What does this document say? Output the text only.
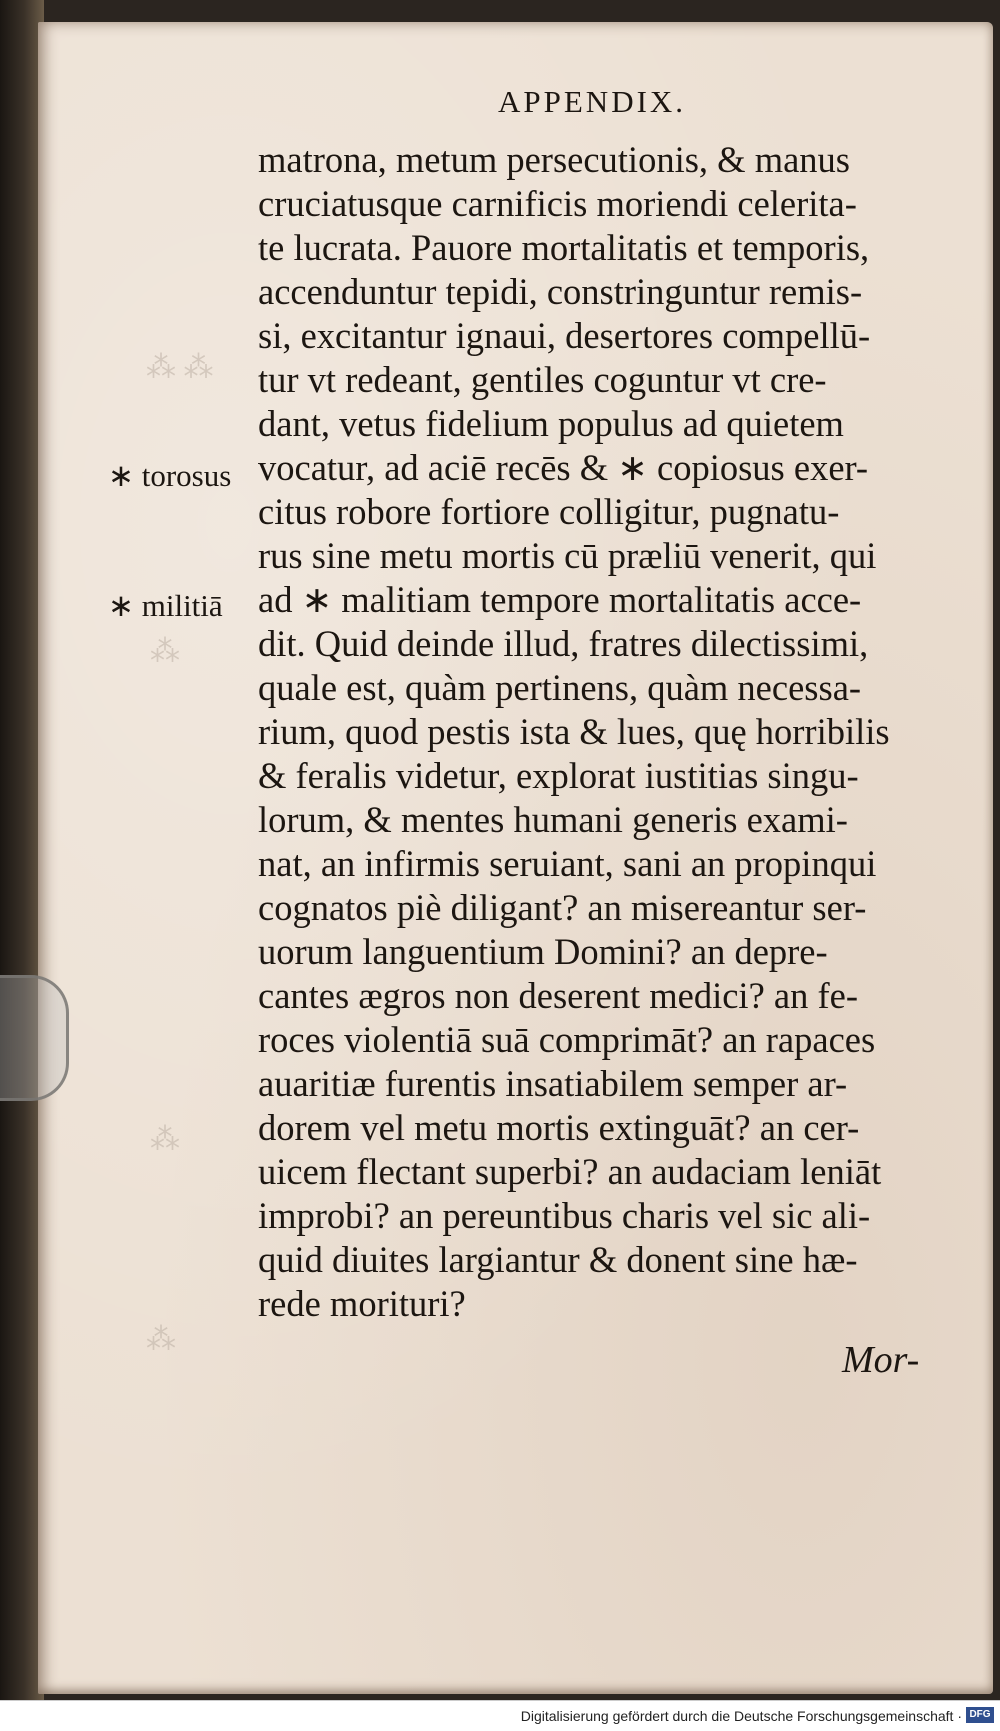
⁂ ⁂
⁂
⁂
⁂
APPENDIX.
∗ torosus
∗ militiā
matrona, metum persecutionis, & manus
cruciatusque carnificis moriendi celerita-
te lucrata. Pauore mortalitatis et temporis,
accenduntur tepidi, constringuntur remis-
si, excitantur ignaui, desertores compellū-
tur vt redeant, gentiles coguntur vt cre-
dant, vetus fidelium populus ad quietem
vocatur, ad aciē recēs & ∗ copiosus exer-
citus robore fortiore colligitur, pugnatu-
rus sine metu mortis cū præliū venerit, qui
ad ∗ malitiam tempore mortalitatis acce-
dit. Quid deinde illud, fratres dilectissimi,
quale est, quàm pertinens, quàm necessa-
rium, quod pestis ista & lues, quę horribilis
& feralis videtur, explorat iustitias singu-
lorum, & mentes humani generis exami-
nat, an infirmis seruiant, sani an propinqui
cognatos piè diligant? an misereantur ser-
uorum languentium Domini? an depre-
cantes ægros non deserent medici? an fe-
roces violentiā suā comprimāt? an rapaces
auaritiæ furentis insatiabilem semper ar-
dorem vel metu mortis extinguāt? an cer-
uicem flectant superbi? an audaciam leniāt
improbi? an pereuntibus charis vel sic ali-
quid diuites largiantur & donent sine hæ-
rede morituri?
Mor-
Digitalisierung gefördert durch die Deutsche Forschungsgemeinschaft · DFG
